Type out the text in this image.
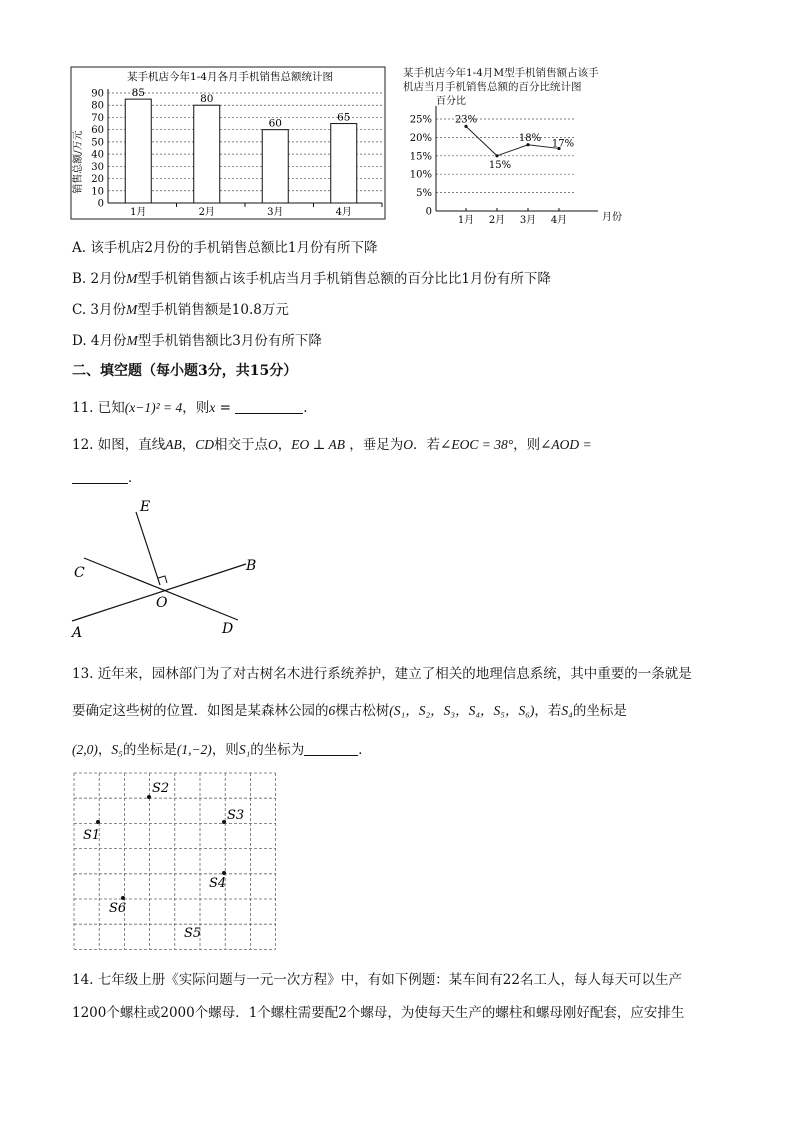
某手机店今年1-4月各月手机销售总额统计图
销售总额/万元
0
10
20
30
40
50
60
70
80
90	85
80
60
65
1月	2月	3月	4月
某手机店今年1-4月M型手机销售额占该手
机店当月手机销售总额的百分比统计图
百分比
0
5%
10%
15%
20%
25%
1月 2月 3月 4月
23%
15%
18%
17%
月份
A. 该手机店2月份的手机销售总额比1月份有所下降
B. 2月份M型手机销售额占该手机店当月手机销售总额的百分比比1月份有所下降
C. 3月份M型手机销售额是10.8万元
D. 4月份M型手机销售额比3月份有所下降
二、填空题（每小题3分，共15分）
11. 已知(x−1)² = 4，则x =	.
12. 如图，直线AB，CD相交于点O，EO ⊥ AB ，垂足为O．若∠EOC = 38°，则∠AOD =
．
E
B
C
O
A	D
13. 近年来，园林部门为了对古树名木进行系统养护，建立了相关的地理信息系统，其中重要的一条就是
要确定这些树的位置．如图是某森林公园的6棵古松树(S₁，S₂，S₃，S₄，S₅，S₆)，若S₄的坐标是
(2,0)，S₅的坐标是(1,−2)，则S₁的坐标为	．
S1
S2
S3
S4
S5
S6
14. 七年级上册《实际问题与一元一次方程》中，有如下例题：某车间有22名工人，每人每天可以生产
1200个螺柱或2000个螺母．1个螺柱需要配2个螺母，为使每天生产的螺柱和螺母刚好配套，应安排生
